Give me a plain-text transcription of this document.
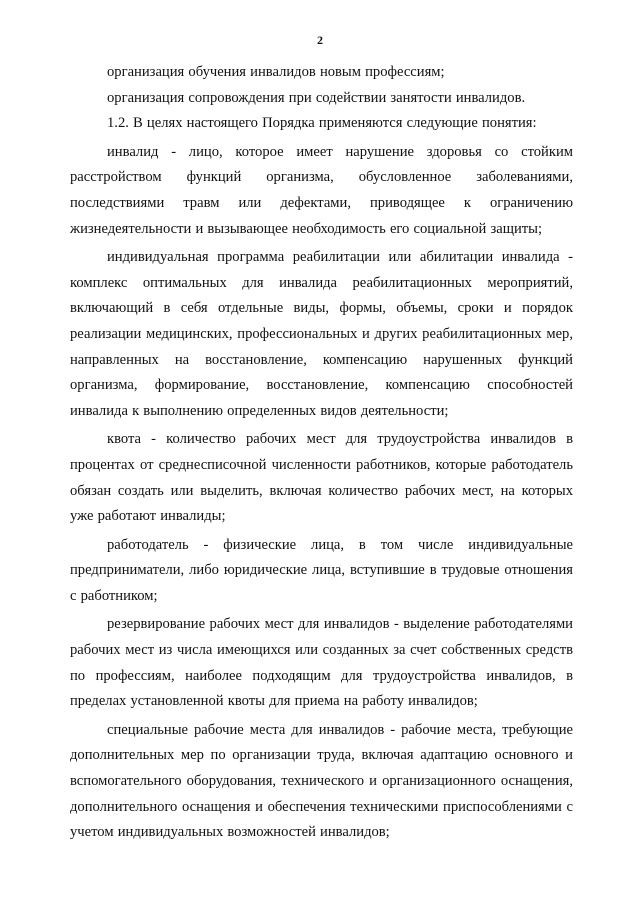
2

организация обучения инвалидов новым профессиям;

организация сопровождения при содействии занятости инвалидов.

1.2. В целях настоящего Порядка применяются следующие понятия:

инвалид - лицо, которое имеет нарушение здоровья со стойким расстройством функций организма, обусловленное заболеваниями, последствиями травм или дефектами, приводящее к ограничению жизнедеятельности и вызывающее необходимость его социальной защиты;

индивидуальная программа реабилитации или абилитации инвалида - комплекс оптимальных для инвалида реабилитационных мероприятий, включающий в себя отдельные виды, формы, объемы, сроки и порядок реализации медицинских, профессиональных и других реабилитационных мер, направленных на восстановление, компенсацию нарушенных функций организма, формирование, восстановление, компенсацию способностей инвалида к выполнению определенных видов деятельности;

квота - количество рабочих мест для трудоустройства инвалидов в процентах от среднесписочной численности работников, которые работодатель обязан создать или выделить, включая количество рабочих мест, на которых уже работают инвалиды;

работодатель - физические лица, в том числе индивидуальные предприниматели, либо юридические лица, вступившие в трудовые отношения с работником;

резервирование рабочих мест для инвалидов - выделение работодателями рабочих мест из числа имеющихся или созданных за счет собственных средств по профессиям, наиболее подходящим для трудоустройства инвалидов, в пределах установленной квоты для приема на работу инвалидов;

специальные рабочие места для инвалидов - рабочие места, требующие дополнительных мер по организации труда, включая адаптацию основного и вспомогательного оборудования, технического и организационного оснащения, дополнительного оснащения и обеспечения техническими приспособлениями с учетом индивидуальных возможностей инвалидов;
